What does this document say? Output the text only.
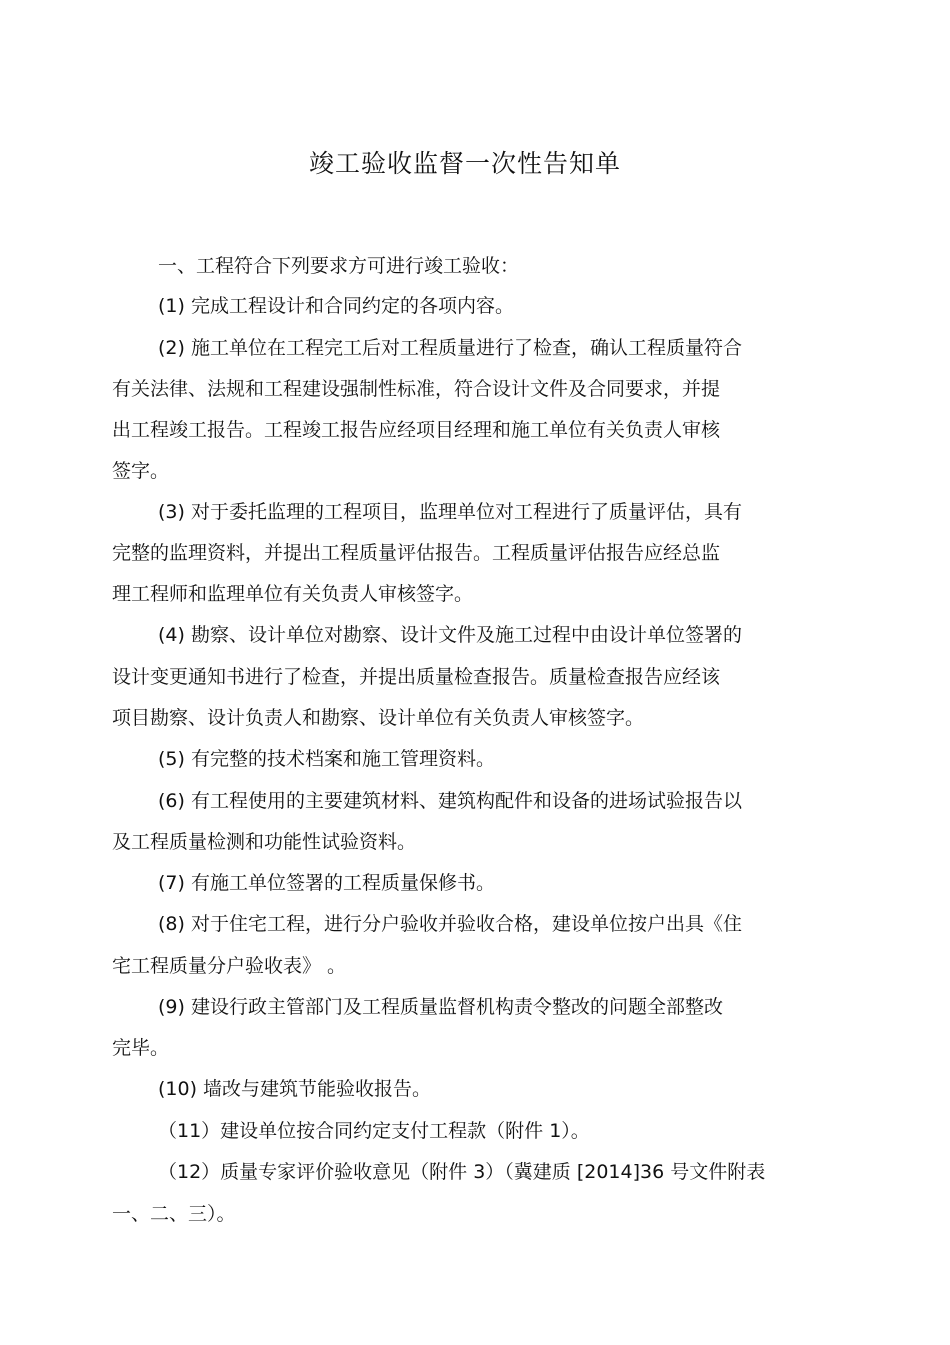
竣工验收监督一次性告知单
一、工程符合下列要求方可进行竣工验收：
(1) 完成工程设计和合同约定的各项内容。
(2) 施工单位在工程完工后对工程质量进行了检查，确认工程质量符合
有关法律、法规和工程建设强制性标准，符合设计文件及合同要求，并提
出工程竣工报告。工程竣工报告应经项目经理和施工单位有关负责人审核
签字。
(3) 对于委托监理的工程项目，监理单位对工程进行了质量评估，具有
完整的监理资料，并提出工程质量评估报告。工程质量评估报告应经总监
理工程师和监理单位有关负责人审核签字。
(4) 勘察、设计单位对勘察、设计文件及施工过程中由设计单位签署的
设计变更通知书进行了检查，并提出质量检查报告。质量检查报告应经该
项目勘察、设计负责人和勘察、设计单位有关负责人审核签字。
(5) 有完整的技术档案和施工管理资料。
(6) 有工程使用的主要建筑材料、建筑构配件和设备的进场试验报告以
及工程质量检测和功能性试验资料。
(7) 有施工单位签署的工程质量保修书。
(8) 对于住宅工程，进行分户验收并验收合格，建设单位按户出具《住
宅工程质量分户验收表》 。
(9) 建设行政主管部门及工程质量监督机构责令整改的问题全部整改
完毕。
(10) 墙改与建筑节能验收报告。
（11）建设单位按合同约定支付工程款（附件 1）。
（12）质量专家评价验收意见（附件 3）（冀建质 [2014]36 号文件附表
一、二、三）。
